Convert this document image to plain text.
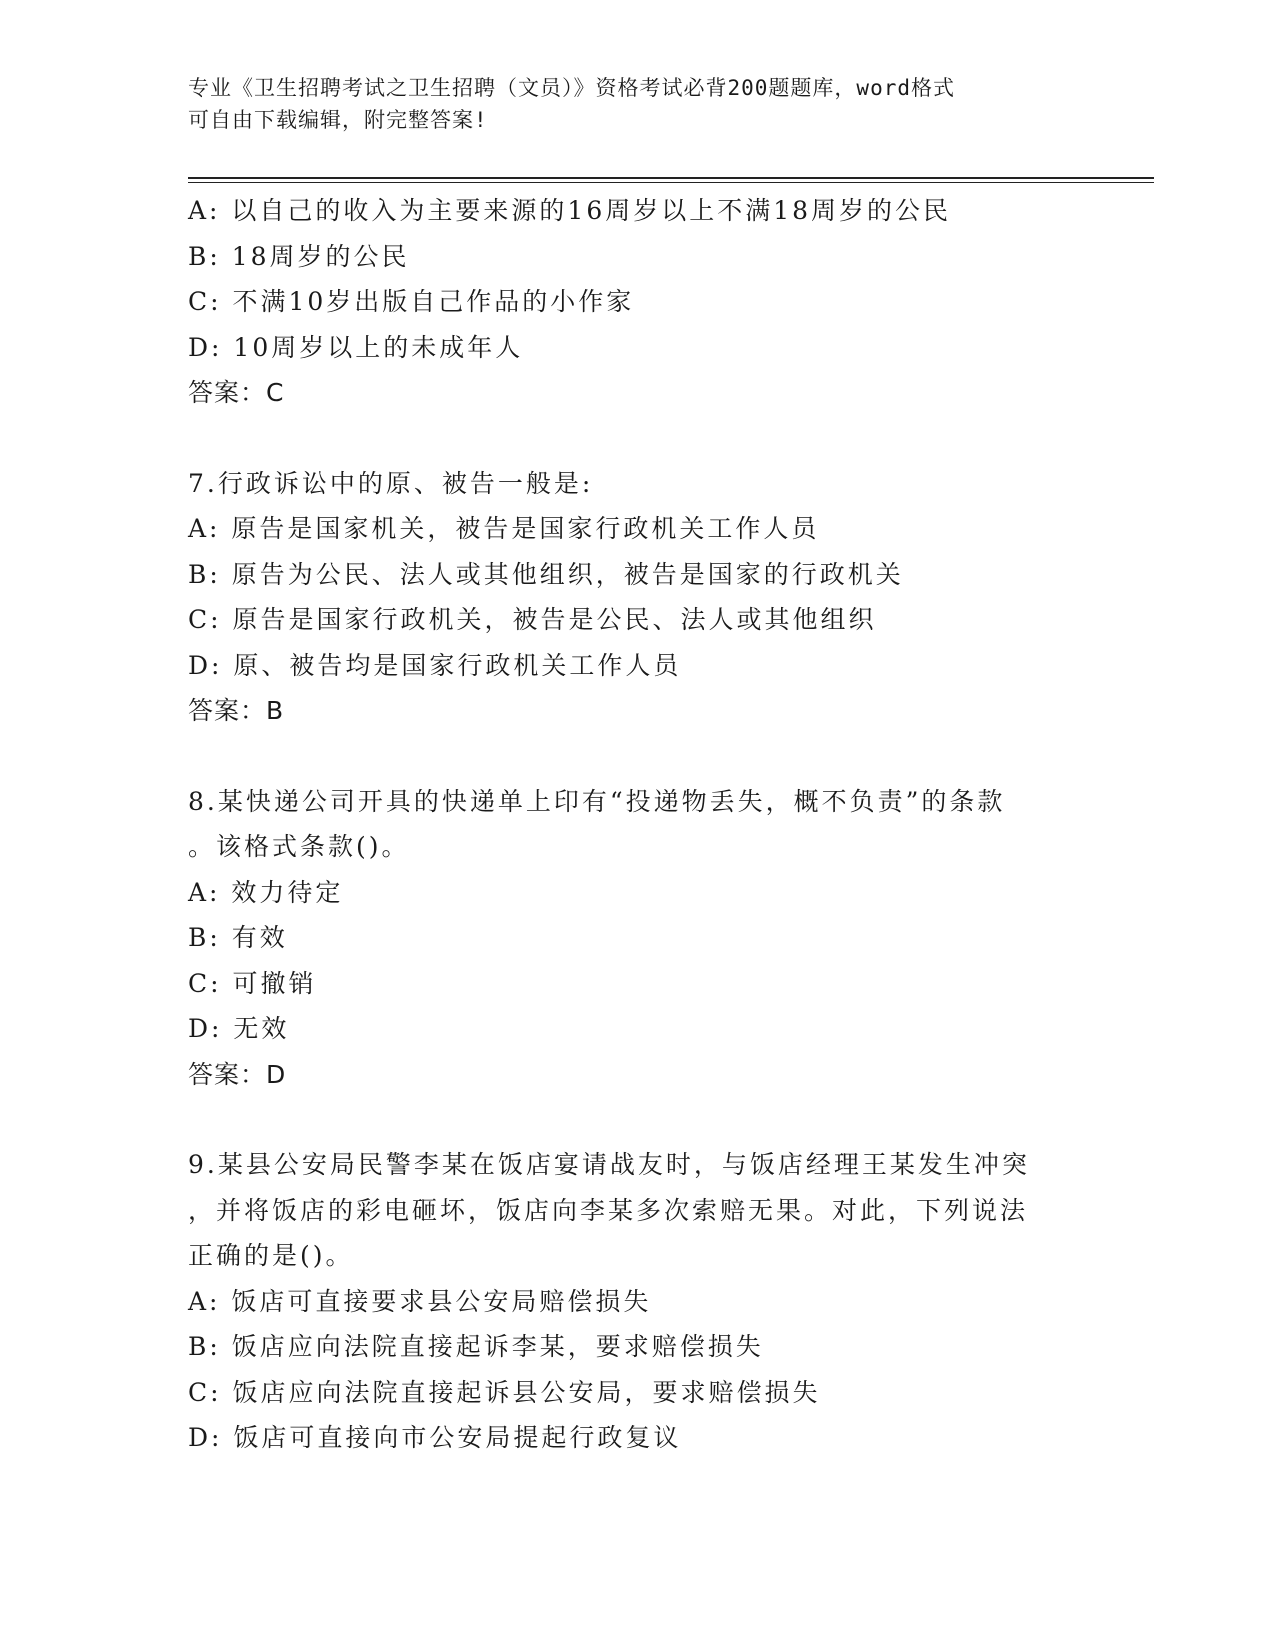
专业《卫生招聘考试之卫生招聘（文员）》资格考试必背200题题库，word格式
可自由下载编辑，附完整答案!
A: 以自己的收入为主要来源的16周岁以上不满18周岁的公民
B: 18周岁的公民
C: 不满10岁出版自己作品的小作家
D: 10周岁以上的未成年人
答案：C
7.行政诉讼中的原、被告一般是:
A: 原告是国家机关，被告是国家行政机关工作人员
B: 原告为公民、法人或其他组织，被告是国家的行政机关
C: 原告是国家行政机关，被告是公民、法人或其他组织
D: 原、被告均是国家行政机关工作人员
答案：B
8.某快递公司开具的快递单上印有“投递物丢失，概不负责”的条款
。该格式条款()。
A: 效力待定
B: 有效
C: 可撤销
D: 无效
答案：D
9.某县公安局民警李某在饭店宴请战友时，与饭店经理王某发生冲突
，并将饭店的彩电砸坏，饭店向李某多次索赔无果。对此，下列说法
正确的是()。
A: 饭店可直接要求县公安局赔偿损失
B: 饭店应向法院直接起诉李某，要求赔偿损失
C: 饭店应向法院直接起诉县公安局，要求赔偿损失
D: 饭店可直接向市公安局提起行政复议
